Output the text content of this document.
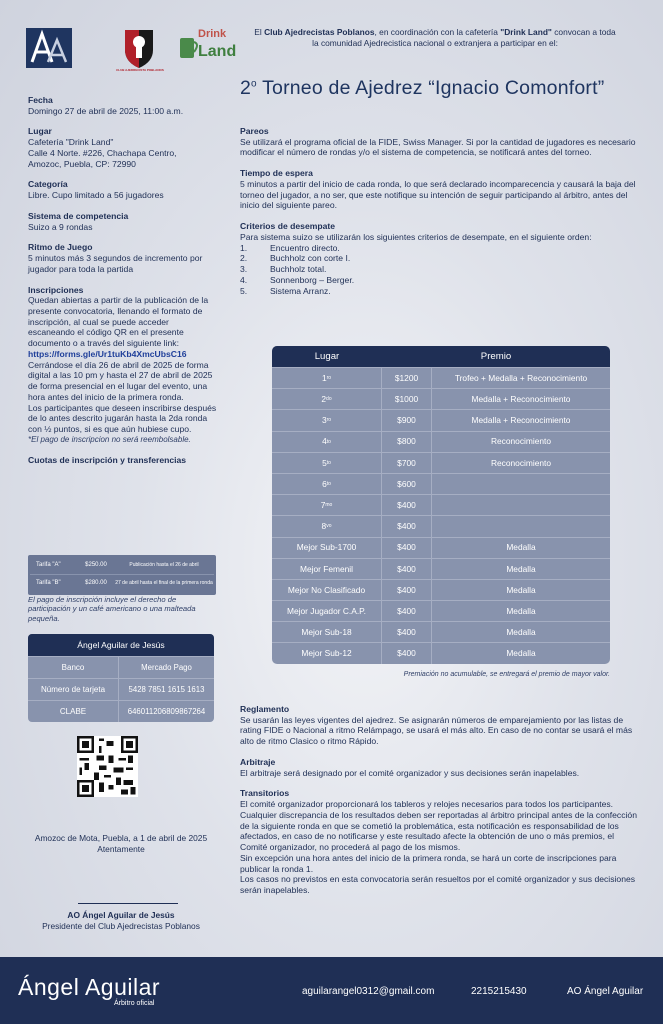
Drink
Land
CLUB AJEDRECISTA POBLANOS
El Club Ajedrecistas Poblanos, en coordinación con la cafetería "Drink Land" convocan a toda la comunidad Ajedrecistica nacional o extranjera a participar en el:
2$^o$ Torneo de Ajedrez “Ignacio Comonfort”
Fecha
Domingo 27 de abril de 2025, 11:00 a.m.
Lugar
Cafetería "Drink Land"
Calle 4 Norte. #226, Chachapa Centro,
Amozoc, Puebla, CP: 72990
Categoría
Libre. Cupo limitado a 56 jugadores
Sistema de competencia
Suizo a 9 rondas
Ritmo de Juego
5 minutos más 3 segundos de incremento por jugador para toda la partida
Inscripciones
Quedan abiertas a partir de la publicación de la presente convocatoria, llenando el formato de inscripción, al cual se puede acceder escaneando el código QR en el presente documento o a través del siguiente link:
https://forms.gle/Ur1tuKb4XmcUbsC16
Cerrándose el día 26 de abril de 2025 de forma digital a las 10 pm y hasta el 27 de abril de 2025 de forma presencial en el lugar del evento, una hora antes del inicio de la primera ronda.
Los participantes que deseen inscribirse después de lo antes descrito jugarán hasta la 2da ronda con ½ puntos, si es que aún hubiese cupo.
*El pago de inscripcion no será reembolsable.
Cuotas de inscripción y transferencias
Tarifa "A"	$250.00	Publicación hasta el 26 de abril
Tarifa "B"	$280.00	27 de abril hasta el final de la primera ronda
El pago de inscripción incluye el derecho de participación y un café americano o una malteada pequeña.
Ángel Aguilar de Jesús
Banco	Mercado Pago
Número de tarjeta	5428 7851 1615 1613
CLABE	646011206809867264
Amozoc de Mota, Puebla, a 1 de abril de 2025
Atentamente
AO Ángel Aguilar de Jesús
Presidente del Club Ajedrecistas Poblanos
Pareos
Se utilizará el programa oficial de la FIDE, Swiss Manager. Si por la cantidad de jugadores es necesario modificar el número de rondas y/o el sistema de competencia, se notificará antes del torneo.
Tiempo de espera
5 minutos a partir del inicio de cada ronda, lo que será declarado incomparecencia y causará la baja del torneo del jugador, a no ser, que este notifique su intención de seguir participando al árbitro, antes del inicio del siguiente pareo.
Criterios de desempate
Para sistema suizo se utilizarán los siguientes criterios de desempate, en el siguiente orden:
1.	Encuentro directo.
2.	Buchholz con corte I.
3.	Buchholz total.
4.	Sonnenborg – Berger.
5.	Sistema Arranz.
Lugar	Premio
1 ro	$1200	Trofeo + Medalla + Reconocimiento
2 do	$1000	Medalla + Reconocimiento
3 ro	$900	Medalla + Reconocimiento
4 to	$800	Reconocimiento
5 to	$700	Reconocimiento
6 to	$600
7 mo	$400
8 vo	$400
Mejor Sub-1700	$400	Medalla
Mejor Femenil	$400	Medalla
Mejor No Clasificado	$400	Medalla
Mejor Jugador C.A.P.	$400	Medalla
Mejor Sub-18	$400	Medalla
Mejor Sub-12	$400	Medalla
Premiación no acumulable, se entregará el premio de mayor valor.
Reglamento
Se usarán las leyes vigentes del ajedrez. Se asignarán números de emparejamiento por las listas de rating FIDE o Nacional a ritmo Relámpago, se usará el más alto. En caso de no contar se usará el más alto de ritmo Clasico o ritmo Rápido.
Arbitraje
El arbitraje será designado por el comité organizador y sus decisiones serán inapelables.
Transitorios
El comité organizador proporcionará los tableros y relojes necesarios para todos los participantes.
Cualquier discrepancia de los resultados deben ser reportadas al árbitro principal antes de la confección de la siguiente ronda en que se cometió la problemática, esta notificación es responsabilidad de los afectados, en caso de no notificarse y este resultado afecte la obtención de uno o más premios, el Comité organizador, no procederá al pago de los mismos.
Sin excepción una hora antes del inicio de la primera ronda, se hará un corte de inscripciones para publicar la ronda 1.
Los casos no previstos en esta convocatoria serán resueltos por el comité organizador y sus decisiones serán inapelables.
Ángel Aguilar
Árbitro oficial
aguilarangel0312@gmail.com	2215215430	AO Ángel Aguilar
